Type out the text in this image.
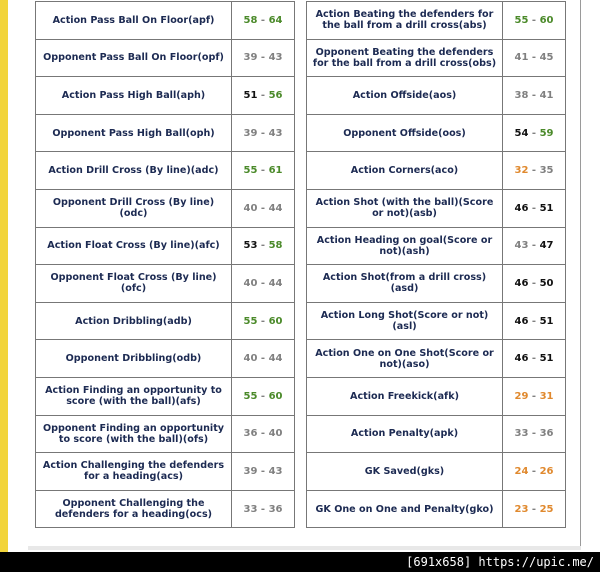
Action Pass Ball On Floor(apf)	58 - 64
Opponent Pass Ball On Floor(opf)	39 - 43
Action Pass High Ball(aph)	51 - 56
Opponent Pass High Ball(oph)	39 - 43
Action Drill Cross (By line)(adc)	55 - 61
Opponent Drill Cross (By line)(odc)	40 - 44
Action Float Cross (By line)(afc)	53 - 58
Opponent Float Cross (By line)(ofc)	40 - 44
Action Dribbling(adb)	55 - 60
Opponent Dribbling(odb)	40 - 44
Action Finding an opportunity to score (with the ball)(afs)	55 - 60
Opponent Finding an opportunity to score (with the ball)(ofs)	36 - 40
Action Challenging the defenders for a heading(acs)	39 - 43
Opponent Challenging the defenders for a heading(ocs)	33 - 36
Action Beating the defenders for the ball from a drill cross(abs)	55 - 60
Opponent Beating the defenders for the ball from a drill cross(obs)	41 - 45
Action Offside(aos)	38 - 41
Opponent Offside(oos)	54 - 59
Action Corners(aco)	32 - 35
Action Shot (with the ball)(Score or not)(asb)	46 - 51
Action Heading on goal(Score or not)(ash)	43 - 47
Action Shot(from a drill cross)(asd)	46 - 50
Action Long Shot(Score or not)(asl)	46 - 51
Action One on One Shot(Score or not)(aso)	46 - 51
Action Freekick(afk)	29 - 31
Action Penalty(apk)	33 - 36
GK Saved(gks)	24 - 26
GK One on One and Penalty(gko)	23 - 25
[691x658] https://upic.me/
